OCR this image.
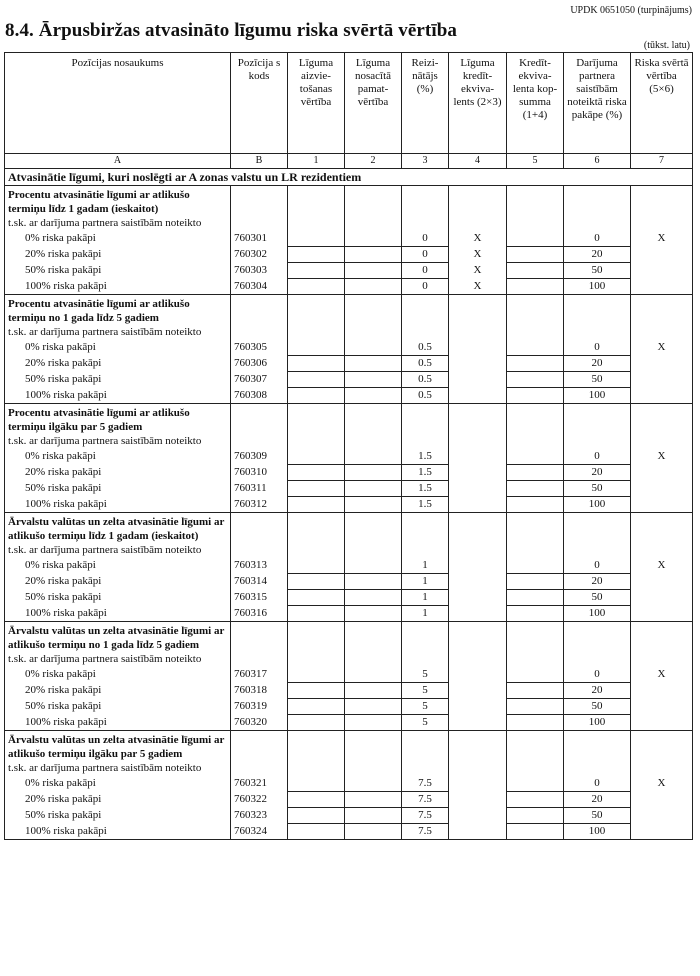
UPDK 0651050 (turpinājums)
8.4. Ārpusbiržas atvasināto līgumu riska svērtā vērtība
(tūkst. latu)
Pozīcijas nosaukums	Pozīcija s kods	Līguma aizvie-tošanas vērtība	Līguma nosacītā pamat-vērtība	Reizi-nātājs (%)	Līguma kredīt-ekviva-lents (2×3)	Kredīt-ekviva-lenta kop-summa (1+4)	Darījuma partnera saistībām noteiktā riska pakāpe (%)	Riska svērtā vērtība (5×6)
A	B	1	2	3	4	5	6	7
Atvasinātie līgumi, kuri noslēgti ar A zonas valstu un LR rezidentiem								
Procentu atvasinātie līgumi ar atlikušo termiņu līdz 1 gadam (ieskaitot)								
t.sk. ar darījuma partnera saistībām noteikto								
0% riska pakāpi	760301			0	X		0	X
20% riska pakāpi	760302			0	X		20	
50% riska pakāpi	760303			0	X		50	
100% riska pakāpi	760304			0	X		100	
Procentu atvasinātie līgumi ar atlikušo termiņu no 1 gada līdz 5 gadiem								
t.sk. ar darījuma partnera saistībām noteikto								
0% riska pakāpi	760305			0.5			0	X
20% riska pakāpi	760306			0.5			20	
50% riska pakāpi	760307			0.5			50	
100% riska pakāpi	760308			0.5			100	
Procentu atvasinātie līgumi ar atlikušo termiņu ilgāku par 5 gadiem								
t.sk. ar darījuma partnera saistībām noteikto								
0% riska pakāpi	760309			1.5			0	X
20% riska pakāpi	760310			1.5			20	
50% riska pakāpi	760311			1.5			50	
100% riska pakāpi	760312			1.5			100	
Ārvalstu valūtas un zelta atvasinātie līgumi ar atlikušo termiņu līdz 1 gadam (ieskaitot)								
t.sk. ar darījuma partnera saistībām noteikto								
0% riska pakāpi	760313			1			0	X
20% riska pakāpi	760314			1			20	
50% riska pakāpi	760315			1			50	
100% riska pakāpi	760316			1			100	
Ārvalstu valūtas un zelta atvasinātie līgumi ar atlikušo termiņu no 1 gada līdz 5 gadiem								
t.sk. ar darījuma partnera saistībām noteikto								
0% riska pakāpi	760317			5			0	X
20% riska pakāpi	760318			5			20	
50% riska pakāpi	760319			5			50	
100% riska pakāpi	760320			5			100	
Ārvalstu valūtas un zelta atvasinātie līgumi ar atlikušo termiņu ilgāku par 5 gadiem								
t.sk. ar darījuma partnera saistībām noteikto								
0% riska pakāpi	760321			7.5			0	X
20% riska pakāpi	760322			7.5			20	
50% riska pakāpi	760323			7.5			50	
100% riska pakāpi	760324			7.5			100	
